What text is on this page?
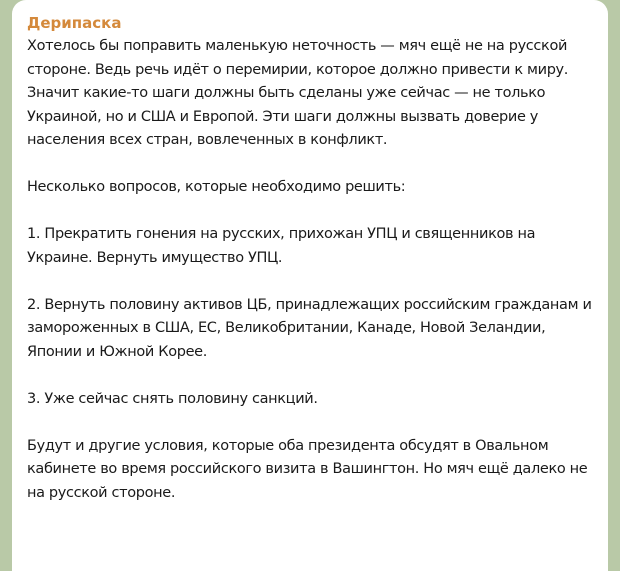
Дерипаска

Хотелось бы поправить маленькую неточность — мяч ещё не на русской стороне. Ведь речь идёт о перемирии, которое должно привести к миру. Значит какие-то шаги должны быть сделаны уже сейчас — не только Украиной, но и США и Европой. Эти шаги должны вызвать доверие у населения всех стран, вовлеченных в конфликт.

Несколько вопросов, которые необходимо решить:

1. Прекратить гонения на русских, прихожан УПЦ и священников на Украине. Вернуть имущество УПЦ.

2. Вернуть половину активов ЦБ, принадлежащих российским гражданам и замороженных в США, ЕС, Великобритании, Канаде, Новой Зеландии, Японии и Южной Корее.

3. Уже сейчас снять половину санкций.

Будут и другие условия, которые оба президента обсудят в Овальном кабинете во время российского визита в Вашингтон. Но мяч ещё далеко не на русской стороне.
